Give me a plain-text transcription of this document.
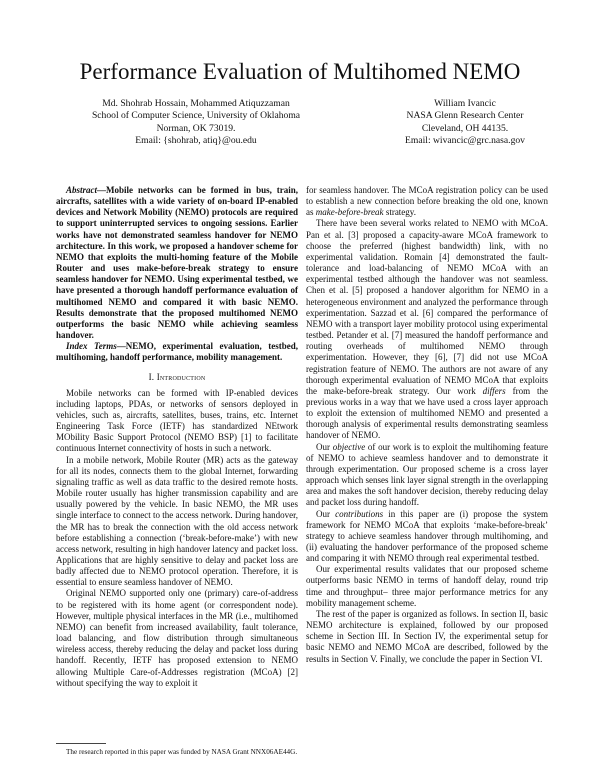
Performance Evaluation of Multihomed NEMO
Md. Shohrab Hossain, Mohammed Atiquzzaman
School of Computer Science, University of Oklahoma
Norman, OK 73019.
Email: {shohrab, atiq}@ou.edu
William Ivancic
NASA Glenn Research Center
Cleveland, OH 44135.
Email: wivancic@grc.nasa.gov

Abstract—Mobile networks can be formed in bus, train, aircrafts, satellites with a wide variety of on-board IP-enabled devices and Network Mobility (NEMO) protocols are required to support uninterrupted services to ongoing sessions. Earlier works have not demonstrated seamless handover for NEMO architecture. In this work, we proposed a handover scheme for NEMO that exploits the multi-homing feature of the Mobile Router and uses make-before-break strategy to ensure seamless handover for NEMO. Using experimental testbed, we have presented a thorough handoff performance evaluation of multihomed NEMO and compared it with basic NEMO. Results demonstrate that the proposed multihomed NEMO outperforms the basic NEMO while achieving seamless handover.

Index Terms—NEMO, experimental evaluation, testbed, multihoming, handoff performance, mobility management.

I. Introduction

Mobile networks can be formed with IP-enabled devices including laptops, PDAs, or networks of sensors deployed in vehicles, such as, aircrafts, satellites, buses, trains, etc. Internet Engineering Task Force (IETF) has standardized NEtwork MObility Basic Support Protocol (NEMO BSP) [1] to facilitate continuous Internet connectivity of hosts in such a network.

In a mobile network, Mobile Router (MR) acts as the gateway for all its nodes, connects them to the global Internet, forwarding signaling traffic as well as data traffic to the desired remote hosts. Mobile router usually has higher transmission capability and are usually powered by the vehicle. In basic NEMO, the MR uses single interface to connect to the access network. During handover, the MR has to break the connection with the old access network before establishing a connection (‘break-before-make’) with new access network, resulting in high handover latency and packet loss. Applications that are highly sensitive to delay and packet loss are badly affected due to NEMO protocol operation. Therefore, it is essential to ensure seamless handover of NEMO.

Original NEMO supported only one (primary) care-of-address to be registered with its home agent (or correspondent node). However, multiple physical interfaces in the MR (i.e., multihomed NEMO) can benefit from increased availability, fault tolerance, load balancing, and flow distribution through simultaneous wireless access, thereby reducing the delay and packet loss during handoff. Recently, IETF has proposed extension to NEMO allowing Multiple Care-of-Addresses registration (MCoA) [2] without specifying the way to exploit it

The research reported in this paper was funded by NASA Grant NNX06AE44G.

for seamless handover. The MCoA registration policy can be used to establish a new connection before breaking the old one, known as make-before-break strategy.

There have been several works related to NEMO with MCoA. Pan et al. [3] proposed a capacity-aware MCoA framework to choose the preferred (highest bandwidth) link, with no experimental validation. Romain [4] demonstrated the fault-tolerance and load-balancing of NEMO MCoA with an experimental testbed although the handover was not seamless. Chen et al. [5] proposed a handover algorithm for NEMO in a heterogeneous environment and analyzed the performance through experimentation. Sazzad et al. [6] compared the performance of NEMO with a transport layer mobility protocol using experimental testbed. Petander et al. [7] measured the handoff performance and routing overheads of multihomed NEMO through experimentation. However, they [6], [7] did not use MCoA registration feature of NEMO. The authors are not aware of any thorough experimental evaluation of NEMO MCoA that exploits the make-before-break strategy. Our work differs from the previous works in a way that we have used a cross layer approach to exploit the extension of multihomed NEMO and presented a thorough analysis of experimental results demonstrating seamless handover of NEMO.

Our objective of our work is to exploit the multihoming feature of NEMO to achieve seamless handover and to demonstrate it through experimentation. Our proposed scheme is a cross layer approach which senses link layer signal strength in the overlapping area and makes the soft handover decision, thereby reducing delay and packet loss during handoff.

Our contributions in this paper are (i) propose the system framework for NEMO MCoA that exploits ‘make-before-break’ strategy to achieve seamless handover through multihoming, and (ii) evaluating the handover performance of the proposed scheme and comparing it with NEMO through real experimental testbed.

Our experimental results validates that our proposed scheme outperforms basic NEMO in terms of handoff delay, round trip time and throughput– three major performance metrics for any mobility management scheme.

The rest of the paper is organized as follows. In section II, basic NEMO architecture is explained, followed by our proposed scheme in Section III. In Section IV, the experimental setup for basic NEMO and NEMO MCoA are described, followed by the results in Section V. Finally, we conclude the paper in Section VI.
